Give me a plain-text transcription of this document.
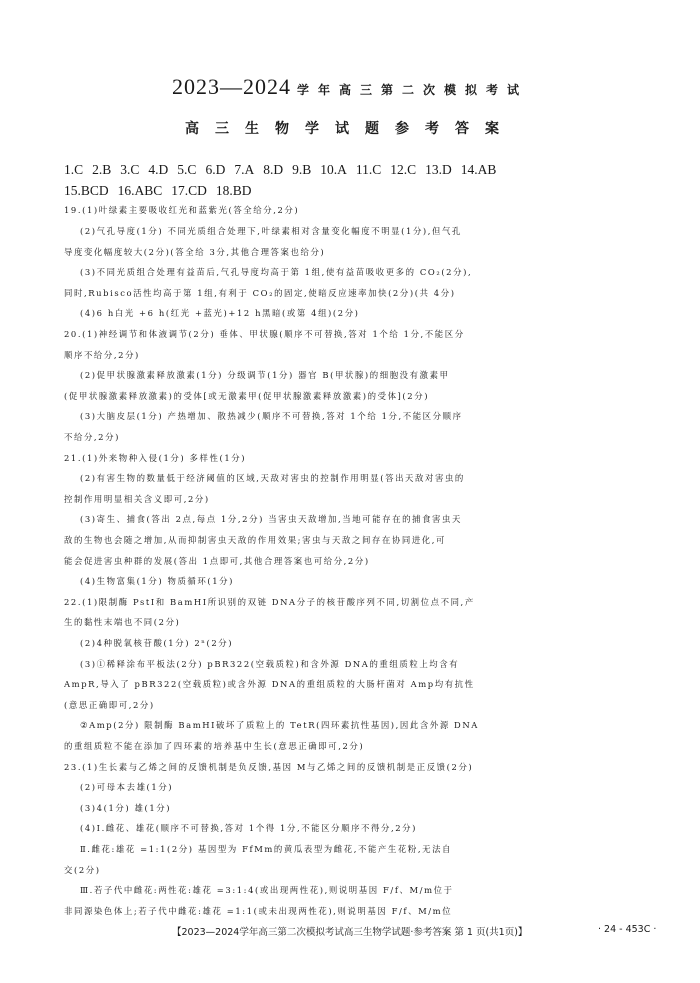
2023—2024 学年高三第二次模拟考试
高三生物学试题参考答案
1.C 2.B 3.C 4.D 5.C 6.D 7.A 8.D 9.B 10.A 11.C 12.C 13.D 14.AB
15.BCD 16.ABC 17.CD 18.BD
19.(1)叶绿素主要吸收红光和蓝紫光(答全给分,2分)
(2)气孔导度(1分) 不同光质组合处理下,叶绿素相对含量变化幅度不明显(1分),但气孔
导度变化幅度较大(2分)(答全给 3分,其他合理答案也给分)
(3)不同光质组合处理有益苗后,气孔导度均高于第 1组,使有益苗吸收更多的 CO₂(2分),
同时,Rubisco活性均高于第 1组,有利于 CO₂的固定,使暗反应速率加快(2分)(共 4分)
(4)6 h白光 +6 h(红光 +蓝光)+12 h黑暗(或第 4组)(2分)
20.(1)神经调节和体液调节(2分) 垂体、甲状腺(顺序不可替换,答对 1个给 1分,不能区分
顺序不给分,2分)
(2)促甲状腺激素释放激素(1分) 分级调节(1分) 器官 B(甲状腺)的细胞没有激素甲
(促甲状腺激素释放激素)的受体[或无激素甲(促甲状腺激素释放激素)的受体](2分)
(3)大脑皮层(1分) 产热增加、散热减少(顺序不可替换,答对 1个给 1分,不能区分顺序
不给分,2分)
21.(1)外来物种入侵(1分) 多样性(1分)
(2)有害生物的数量低于经济阈值的区域,天敌对害虫的控制作用明显(答出天敌对害虫的
控制作用明显相关含义即可,2分)
(3)寄生、捕食(答出 2点,每点 1分,2分) 当害虫天敌增加,当地可能存在的捕食害虫天
敌的生物也会随之增加,从而抑制害虫天敌的作用效果;害虫与天敌之间存在协同进化,可
能会促进害虫种群的发展(答出 1点即可,其他合理答案也可给分,2分)
(4)生物富集(1分) 物质循环(1分)
22.(1)限制酶 PstⅠ和 BamHⅠ所识别的双链 DNA分子的核苷酸序列不同,切割位点不同,产
生的黏性末端也不同(2分)
(2)4种脱氧核苷酸(1分) 2ⁿ(2分)
(3)①稀释涂布平板法(2分) pBR322(空载质粒)和含外源 DNA的重组质粒上均含有
AmpR,导入了 pBR322(空载质粒)或含外源 DNA的重组质粒的大肠杆菌对 Amp均有抗性
(意思正确即可,2分)
②Amp(2分) 限制酶 BamHⅠ破坏了质粒上的 TetR(四环素抗性基因),因此含外源 DNA
的重组质粒不能在添加了四环素的培养基中生长(意思正确即可,2分)
23.(1)生长素与乙烯之间的反馈机制是负反馈,基因 M与乙烯之间的反馈机制是正反馈(2分)
(2)可母本去雄(1分)
(3)4(1分) 雄(1分)
(4)Ⅰ.雌花、雄花(顺序不可替换,答对 1个得 1分,不能区分顺序不得分,2分)
Ⅱ.雌花:雄花 =1:1(2分) 基因型为 FfMm的黄瓜表型为雌花,不能产生花粉,无法自
交(2分)
Ⅲ.若子代中雌花:两性花:雄花 =3:1:4(或出现两性花),则说明基因 F/f、M/m位于
非同源染色体上;若子代中雌花:雄花 =1:1(或未出现两性花),则说明基因 F/f、M/m位
【2023—2024学年高三第二次模拟考试高三生物学试题·参考答案 第 1 页(共1页)】	· 24 - 453C ·
